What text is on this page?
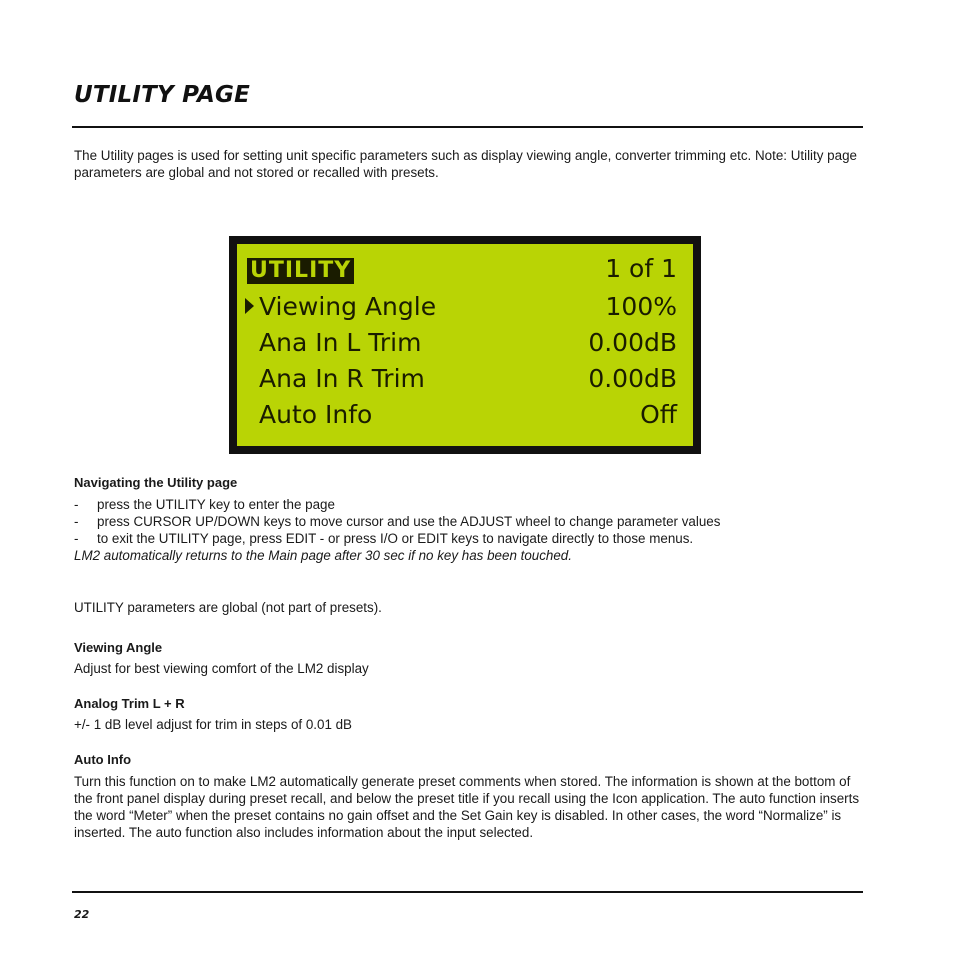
UTILITY PAGE

The Utility pages is used for setting unit specific parameters such as display viewing angle, converter trimming etc. Note: Utility page parameters are global and not stored or recalled with presets.

UTILITY	1 of 1
Viewing Angle	100%
Ana In L Trim	0.00dB
Ana In R Trim	0.00dB
Auto Info	Off
Navigating the Utility page
- press the UTILITY key to enter the page
- press CURSOR UP/DOWN keys to move cursor and use the ADJUST wheel to change parameter values
- to exit the UTILITY page, press EDIT - or press I/O or EDIT keys to navigate directly to those menus.
LM2 automatically returns to the Main page after 30 sec if no key has been touched.
UTILITY parameters are global (not part of presets).
Viewing Angle
Adjust for best viewing comfort of the LM2 display
Analog Trim L + R
+/- 1 dB level adjust for trim in steps of 0.01 dB
Auto Info
Turn this function on to make LM2 automatically generate preset comments when stored. The information is shown at the bottom of the front panel display during preset recall, and below the preset title if you recall using the Icon application. The auto function inserts the word “Meter” when the preset contains no gain offset and the Set Gain key is disabled. In other cases, the word “Normalize” is inserted. The auto function also includes information about the input selected.
22
